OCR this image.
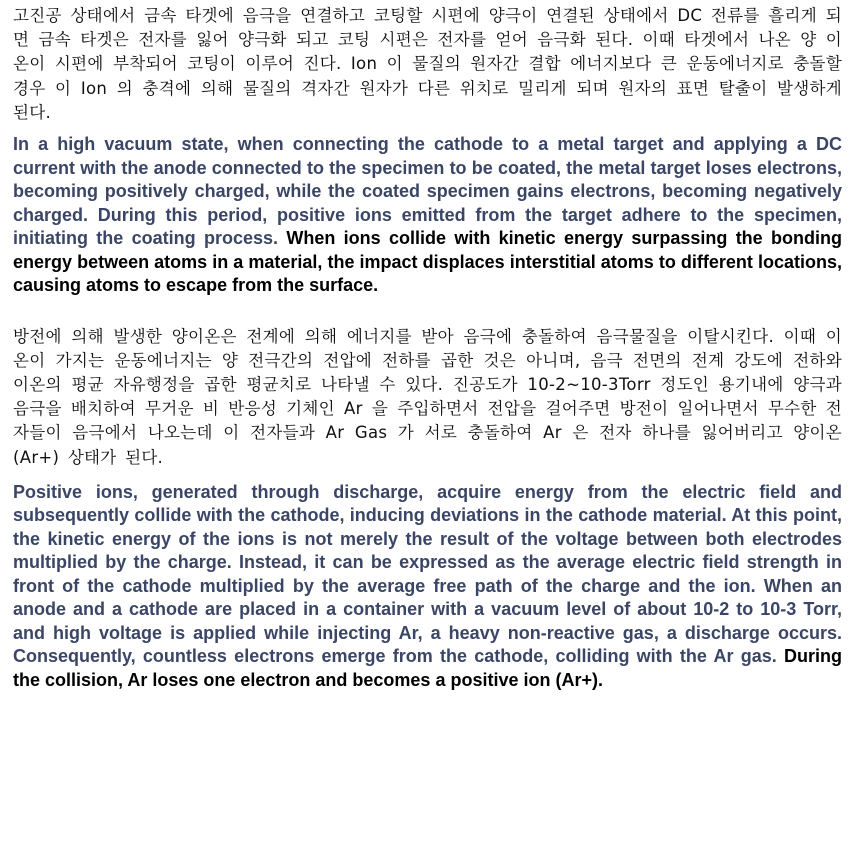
고진공 상태에서 금속 타겟에 음극을 연결하고 코팅할 시편에 양극이 연결된 상태에서 DC 전류를 흘리게 되면 금속 타겟은 전자를 잃어 양극화 되고 코팅 시편은 전자를 얻어 음극화 된다. 이때 타겟에서 나온 양 이온이 시편에 부착되어 코팅이 이루어 진다. Ion 이 물질의 원자간 결합 에너지보다 큰 운동에너지로 충돌할 경우 이 Ion 의 충격에 의해 물질의 격자간 원자가 다른 위치로 밀리게 되며 원자의 표면 탈출이 발생하게 된다.

In a high vacuum state, when connecting the cathode to a metal target and applying a DC current with the anode connected to the specimen to be coated, the metal target loses electrons, becoming positively charged, while the coated specimen gains electrons, becoming negatively charged. During this period, positive ions emitted from the target adhere to the specimen, initiating the coating process. When ions collide with kinetic energy surpassing the bonding energy between atoms in a material, the impact displaces interstitial atoms to different locations, causing atoms to escape from the surface.

방전에 의해 발생한 양이온은 전계에 의해 에너지를 받아 음극에 충돌하여 음극물질을 이탈시킨다. 이때 이온이 가지는 운동에너지는 양 전극간의 전압에 전하를 곱한 것은 아니며, 음극 전면의 전계 강도에 전하와 이온의 평균 자유행정을 곱한 평균치로 나타낼 수 있다. 진공도가 10-2~10-3Torr 정도인 용기내에 양극과 음극을 배치하여 무거운 비 반응성 기체인 Ar 을 주입하면서 전압을 걸어주면 방전이 일어나면서 무수한 전자들이 음극에서 나오는데 이 전자들과 Ar Gas 가 서로 충돌하여 Ar 은 전자 하나를 잃어버리고 양이온(Ar+) 상태가 된다.

Positive ions, generated through discharge, acquire energy from the electric field and subsequently collide with the cathode, inducing deviations in the cathode material. At this point, the kinetic energy of the ions is not merely the result of the voltage between both electrodes multiplied by the charge. Instead, it can be expressed as the average electric field strength in front of the cathode multiplied by the average free path of the charge and the ion. When an anode and a cathode are placed in a container with a vacuum level of about 10-2 to 10-3 Torr, and high voltage is applied while injecting Ar, a heavy non-reactive gas, a discharge occurs. Consequently, countless electrons emerge from the cathode, colliding with the Ar gas. During the collision, Ar loses one electron and becomes a positive ion (Ar+).
